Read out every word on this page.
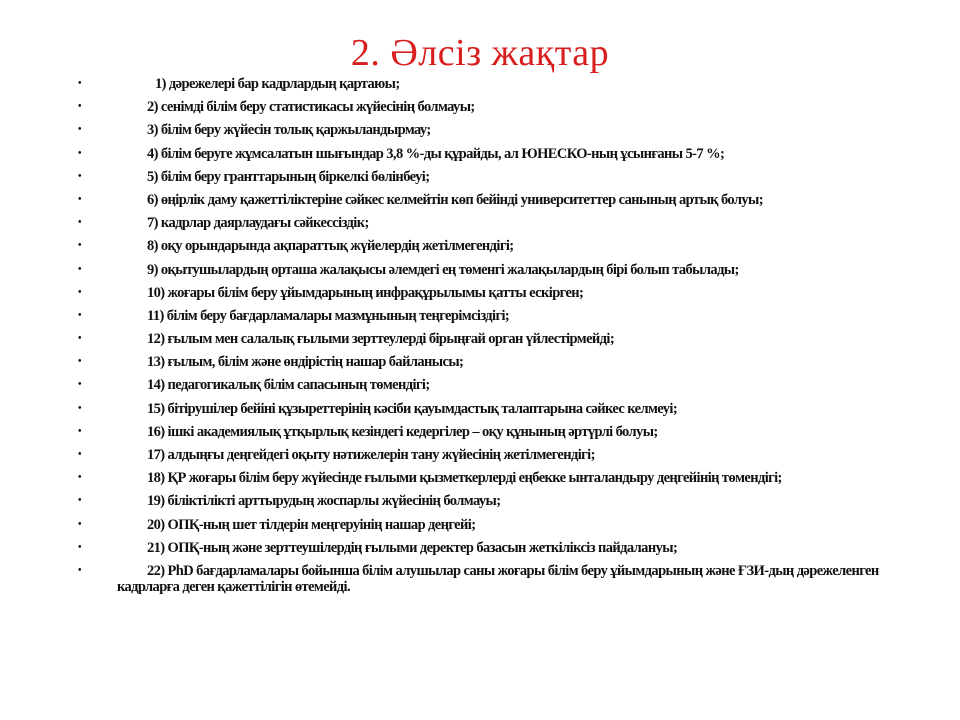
2. Әлсіз жақтар
•	1) дәрежелері бар кадрлардың қартаюы;
•	2) сенімді білім беру статистикасы жүйесінің болмауы;
•	3) білім беру жүйесін толық қаржыландырмау;
•	4) білім беруге жұмсалатын шығындар 3,8 %-ды құрайды, ал ЮНЕСКО-ның ұсынғаны 5-7 %;
•	5) білім беру гранттарының біркелкі бөлінбеуі;
•	6) өңірлік даму қажеттіліктеріне сәйкес келмейтін көп бейінді университеттер санының артық болуы;
•	7) кадрлар даярлаудағы сәйкессіздік;
•	8) оқу орындарында ақпараттық жүйелердің жетілмегендігі;
•	9) оқытушылардың орташа жалақысы әлемдегі ең төменгі жалақылардың бірі болып табылады;
•	10) жоғары білім беру ұйымдарының инфрақұрылымы қатты ескірген;
•	11) білім беру бағдарламалары мазмұнының теңгерімсіздігі;
•	12) ғылым мен салалық ғылыми зерттеулерді бірыңғай орган үйлестірмейді;
•	13) ғылым, білім және өндірістің нашар байланысы;
•	14) педагогикалық білім сапасының төмендігі;
•	15) бітірушілер бейіні құзыреттерінің кәсіби қауымдастық талаптарына сәйкес келмеуі;
•	16) ішкі академиялық ұтқырлық кезіндегі кедергілер – оқу құнының әртүрлі болуы;
•	17) алдыңғы деңгейдегі оқыту нәтижелерін тану жүйесінің жетілмегендігі;
•	18) ҚР жоғары білім беру жүйесінде ғылыми қызметкерлерді еңбекке ынталандыру деңгейінің төмендігі;
•	19) біліктілікті арттырудың жоспарлы жүйесінің болмауы;
•	20) ОПҚ-ның шет тілдерін меңгеруінің нашар деңгейі;
•	21) ОПҚ-ның және зерттеушілердің ғылыми деректер базасын жеткіліксіз пайдалануы;
•	22) PhD бағдарламалары бойынша білім алушылар саны жоғары білім беру ұйымдарының және ҒЗИ-дың дәрежеленген кадрларға деген қажеттілігін өтемейді.
